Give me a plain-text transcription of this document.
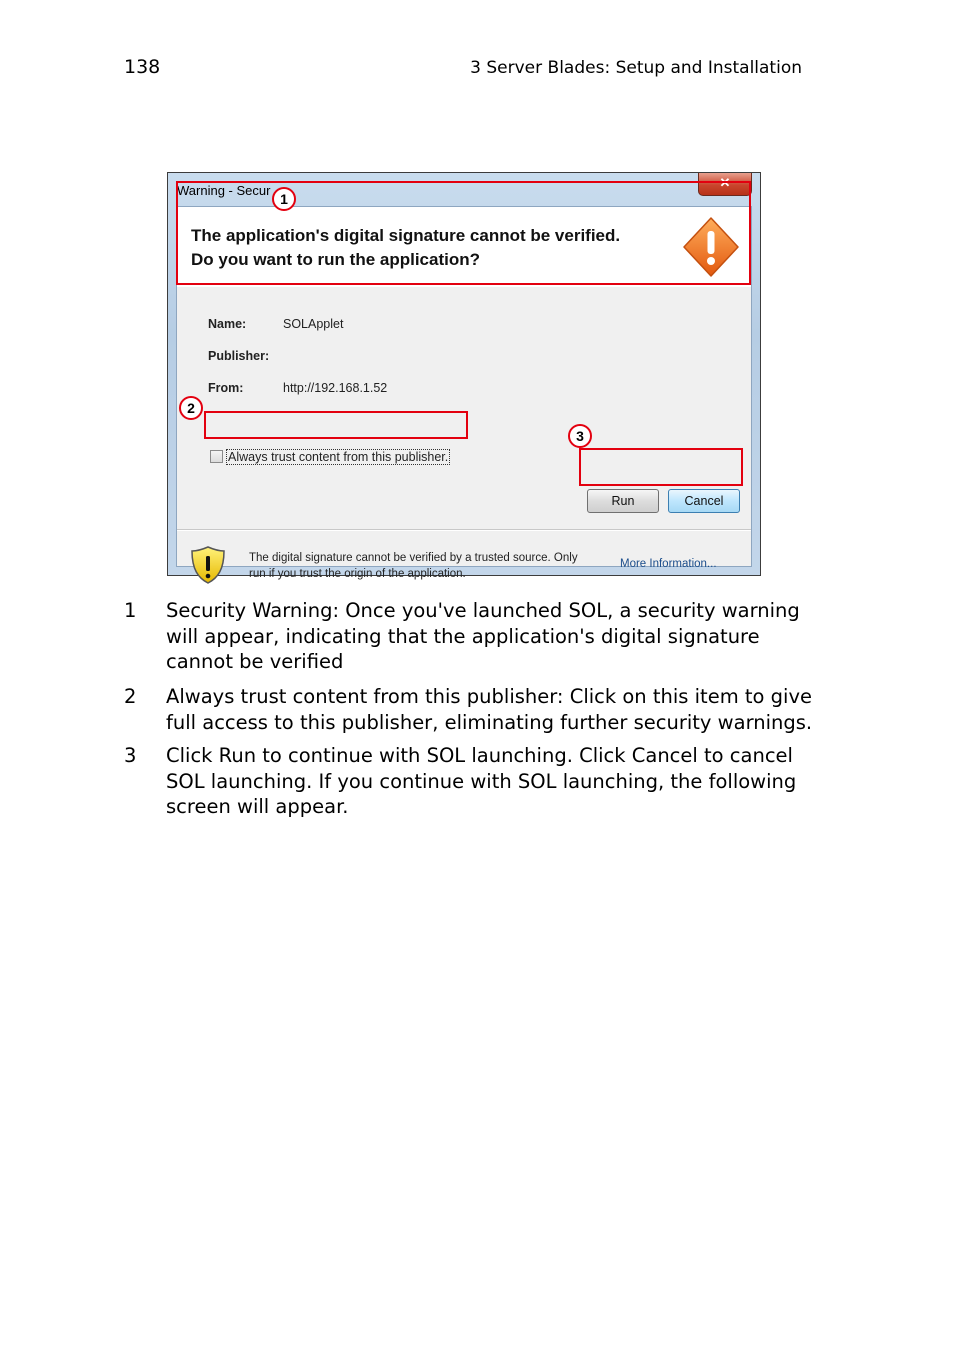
138	3 Server Blades: Setup and Installation
Warning - Secur
✕
The application's digital signature cannot be verified.
Do you want to run the application?
Name:	SOLApplet
Publisher:
From:	http://192.168.1.52
Always trust content from this publisher.
Run	Cancel
The digital signature cannot be verified by a trusted source. Only
run if you trust the origin of the application.
More Information...
1
2
3
1 Security Warning: Once you've launched SOL, a security warning will appear, indicating that the application's digital signature cannot be verified
2 Always trust content from this publisher: Click on this item to give full access to this publisher, eliminating further security warnings.
3 Click Run to continue with SOL launching. Click Cancel to cancel SOL launching. If you continue with SOL launching, the following screen will appear.
